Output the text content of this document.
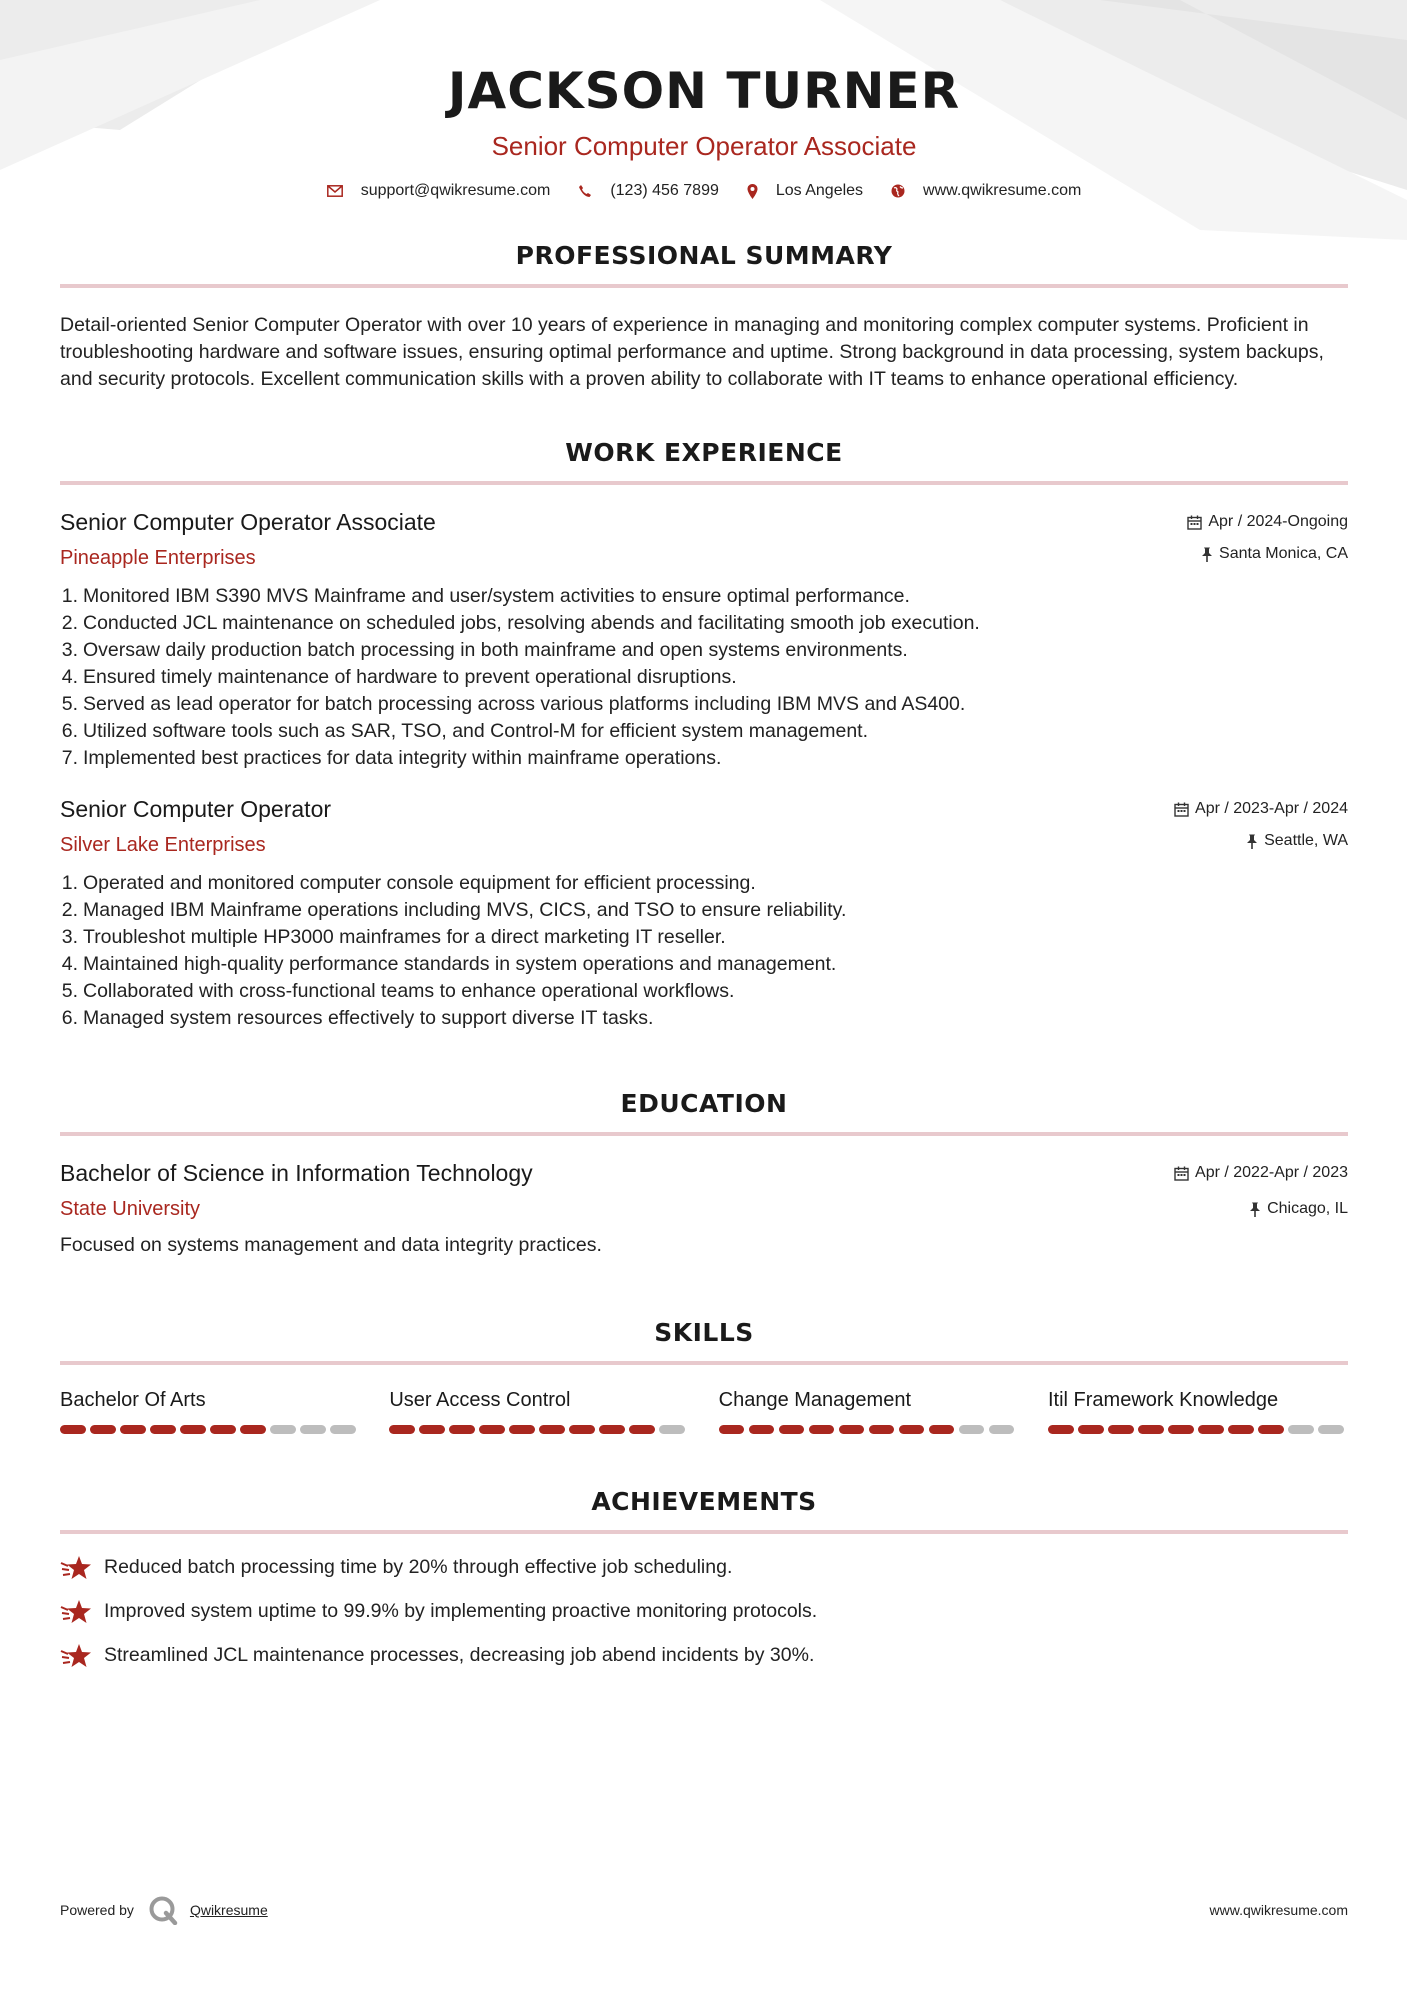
JACKSON TURNER
Senior Computer Operator Associate
support@qwikresume.com	(123) 456 7899	Los Angeles	www.qwikresume.com
PROFESSIONAL SUMMARY
Detail-oriented Senior Computer Operator with over 10 years of experience in managing and monitoring complex computer systems. Proficient in troubleshooting hardware and software issues, ensuring optimal performance and uptime. Strong background in data processing, system backups, and security protocols. Excellent communication skills with a proven ability to collaborate with IT teams to enhance operational efficiency.
WORK EXPERIENCE
Senior Computer Operator Associate
Pineapple Enterprises
Apr / 2024-Ongoing
Santa Monica, CA
1. Monitored IBM S390 MVS Mainframe and user/system activities to ensure optimal performance.
2. Conducted JCL maintenance on scheduled jobs, resolving abends and facilitating smooth job execution.
3. Oversaw daily production batch processing in both mainframe and open systems environments.
4. Ensured timely maintenance of hardware to prevent operational disruptions.
5. Served as lead operator for batch processing across various platforms including IBM MVS and AS400.
6. Utilized software tools such as SAR, TSO, and Control-M for efficient system management.
7. Implemented best practices for data integrity within mainframe operations.
Senior Computer Operator
Silver Lake Enterprises
Apr / 2023-Apr / 2024
Seattle, WA
1. Operated and monitored computer console equipment for efficient processing.
2. Managed IBM Mainframe operations including MVS, CICS, and TSO to ensure reliability.
3. Troubleshot multiple HP3000 mainframes for a direct marketing IT reseller.
4. Maintained high-quality performance standards in system operations and management.
5. Collaborated with cross-functional teams to enhance operational workflows.
6. Managed system resources effectively to support diverse IT tasks.
EDUCATION
Bachelor of Science in Information Technology
State University
Apr / 2022-Apr / 2023
Chicago, IL
Focused on systems management and data integrity practices.
SKILLS
Bachelor Of Arts	User Access Control	Change Management	Itil Framework Knowledge
ACHIEVEMENTS
Reduced batch processing time by 20% through effective job scheduling.
Improved system uptime to 99.9% by implementing proactive monitoring protocols.
Streamlined JCL maintenance processes, decreasing job abend incidents by 30%.
Powered by	Qwikresume	www.qwikresume.com
